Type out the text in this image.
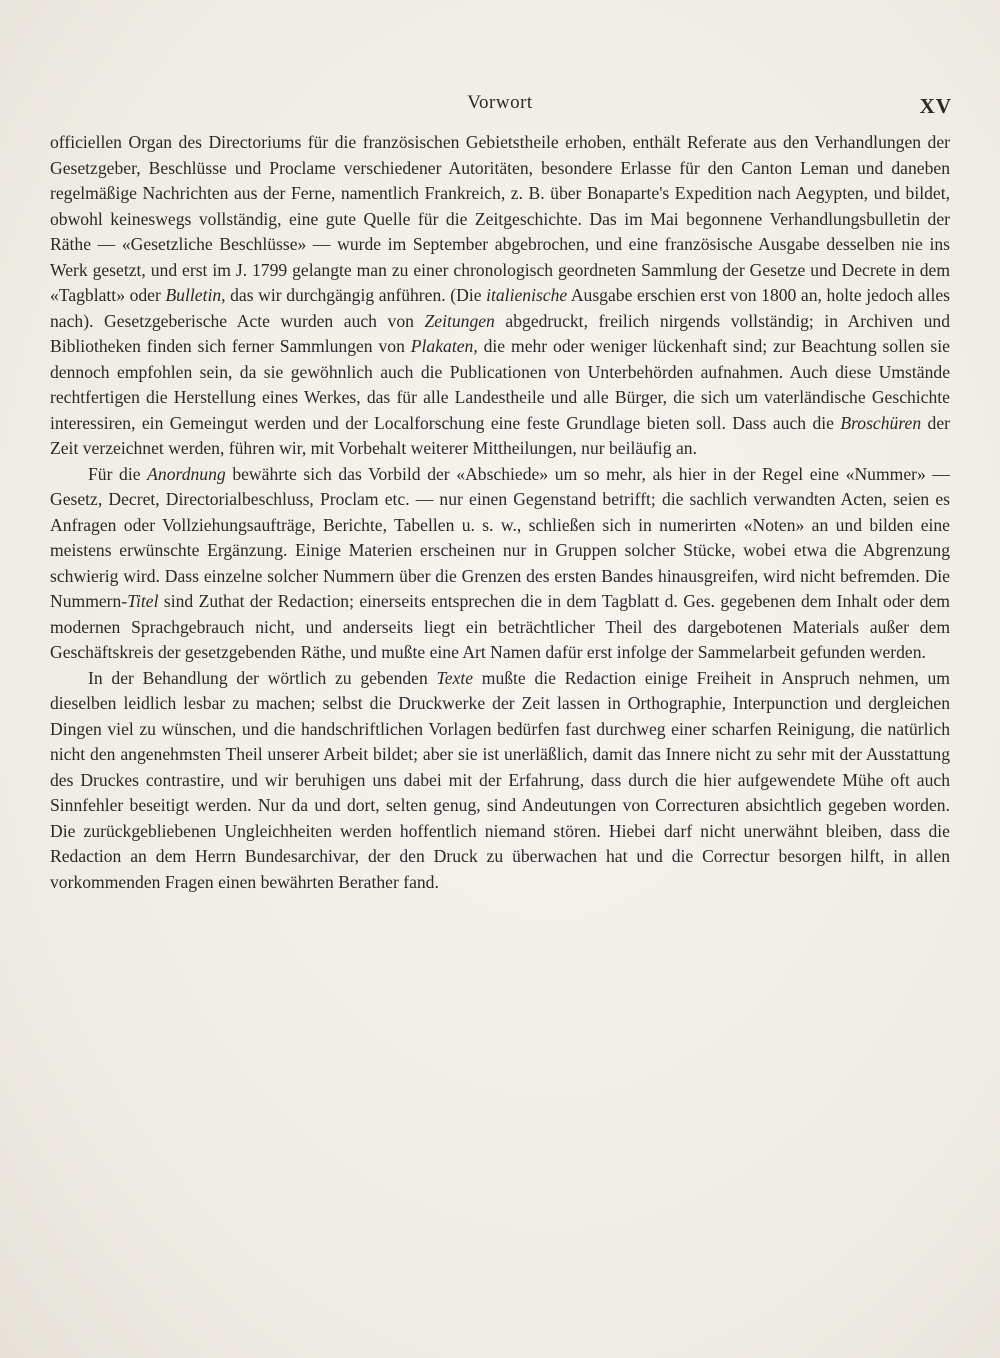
Vorwort	XV

officiellen Organ des Directoriums für die französischen Gebietstheile erhoben, enthält Referate aus den Verhandlungen der Gesetzgeber, Beschlüsse und Proclame verschiedener Autoritäten, besondere Erlasse für den Canton Leman und daneben regelmäßige Nachrichten aus der Ferne, namentlich Frankreich, z. B. über Bonaparte's Expedition nach Aegypten, und bildet, obwohl keineswegs vollständig, eine gute Quelle für die Zeitgeschichte. Das im Mai begonnene Verhandlungsbulletin der Räthe — «Gesetzliche Beschlüsse» — wurde im September abgebrochen, und eine französische Ausgabe desselben nie ins Werk gesetzt, und erst im J. 1799 gelangte man zu einer chronologisch geordneten Sammlung der Gesetze und Decrete in dem «Tagblatt» oder Bulletin, das wir durchgängig anführen. (Die italienische Ausgabe erschien erst von 1800 an, holte jedoch alles nach). Gesetzgeberische Acte wurden auch von Zeitungen abgedruckt, freilich nirgends vollständig; in Archiven und Bibliotheken finden sich ferner Sammlungen von Plakaten, die mehr oder weniger lückenhaft sind; zur Beachtung sollen sie dennoch empfohlen sein, da sie gewöhnlich auch die Publicationen von Unterbehörden aufnahmen. Auch diese Umstände rechtfertigen die Herstellung eines Werkes, das für alle Landestheile und alle Bürger, die sich um vaterländische Geschichte interessiren, ein Gemeingut werden und der Localforschung eine feste Grundlage bieten soll. Dass auch die Broschüren der Zeit verzeichnet werden, führen wir, mit Vorbehalt weiterer Mittheilungen, nur beiläufig an.

Für die Anordnung bewährte sich das Vorbild der «Abschiede» um so mehr, als hier in der Regel eine «Nummer» — Gesetz, Decret, Directorialbeschluss, Proclam etc. — nur einen Gegenstand betrifft; die sachlich verwandten Acten, seien es Anfragen oder Vollziehungsaufträge, Berichte, Tabellen u. s. w., schließen sich in numerirten «Noten» an und bilden eine meistens erwünschte Ergänzung. Einige Materien erscheinen nur in Gruppen solcher Stücke, wobei etwa die Abgrenzung schwierig wird. Dass einzelne solcher Nummern über die Grenzen des ersten Bandes hinausgreifen, wird nicht befremden. Die Nummern-Titel sind Zuthat der Redaction; einerseits entsprechen die in dem Tagblatt d. Ges. gegebenen dem Inhalt oder dem modernen Sprachgebrauch nicht, und anderseits liegt ein beträchtlicher Theil des dargebotenen Materials außer dem Geschäftskreis der gesetzgebenden Räthe, und mußte eine Art Namen dafür erst infolge der Sammelarbeit gefunden werden.

In der Behandlung der wörtlich zu gebenden Texte mußte die Redaction einige Freiheit in Anspruch nehmen, um dieselben leidlich lesbar zu machen; selbst die Druckwerke der Zeit lassen in Orthographie, Interpunction und dergleichen Dingen viel zu wünschen, und die handschriftlichen Vorlagen bedürfen fast durchweg einer scharfen Reinigung, die natürlich nicht den angenehmsten Theil unserer Arbeit bildet; aber sie ist unerläßlich, damit das Innere nicht zu sehr mit der Ausstattung des Druckes contrastire, und wir beruhigen uns dabei mit der Erfahrung, dass durch die hier aufgewendete Mühe oft auch Sinnfehler beseitigt werden. Nur da und dort, selten genug, sind Andeutungen von Correcturen absichtlich gegeben worden. Die zurückgebliebenen Ungleichheiten werden hoffentlich niemand stören. Hiebei darf nicht unerwähnt bleiben, dass die Redaction an dem Herrn Bundesarchivar, der den Druck zu überwachen hat und die Correctur besorgen hilft, in allen vorkommenden Fragen einen bewährten Berather fand.
